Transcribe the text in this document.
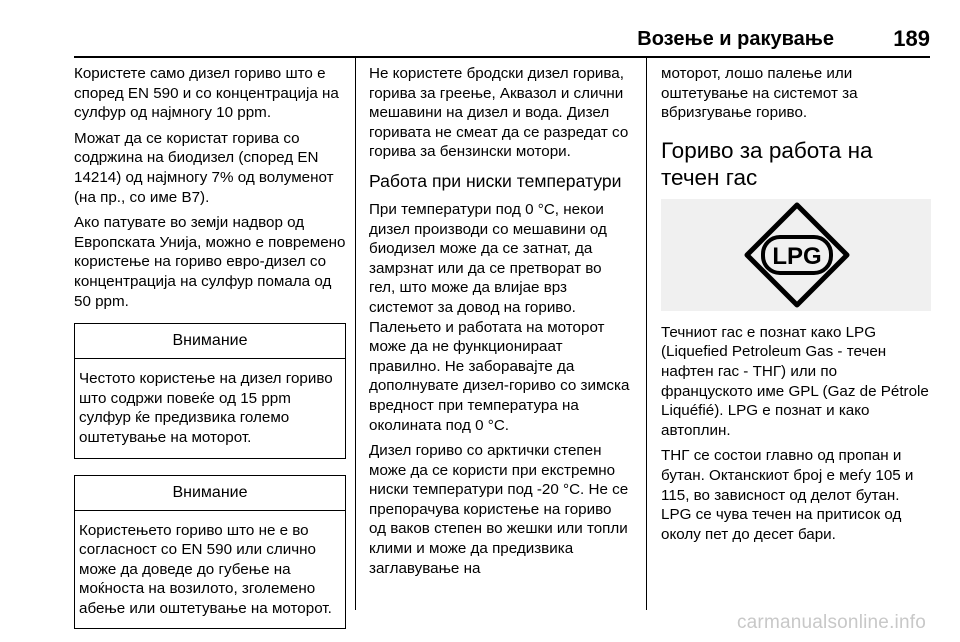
Возење и ракување	189

Користете само дизел гориво што е според EN 590 и со концентрација на сулфур од најмногу 10 ppm.

Можат да се користат горива со содржина на биодизел (според EN 14214) од најмногу 7% од волуменот (на пр., со име B7).

Ако патувате во земји надвор од Европската Унија, можно е повремено користење на гориво евро-дизел со концентрација на сулфур помала од 50 ppm.

Внимание

Честото користење на дизел гориво што содржи повеќе од 15 ppm сулфур ќе предизвика големо оштетување на моторот.

Внимание

Користењето гориво што не е во согласност со EN 590 или слично може да доведе до губење на моќноста на возилото, зголемено абење или оштетување на моторот.

Не користете бродски дизел горива, горива за греење, Аквазол и слични мешавини на дизел и вода. Дизел горивата не смеат да се разредат со горива за бензински мотори.

Работа при ниски температури

При температури под 0 °C, некои дизел производи со мешавини од биодизел може да се затнат, да замрзнат или да се претворат во гел, што може да влијае врз системот за довод на гориво. Палењето и работата на моторот може да не функционираат правилно. Не заборавајте да дополнувате дизел-гориво со зимска вредност при температура на околината под 0 °C.

Дизел гориво со арктички степен може да се користи при екстремно ниски температури под -20 °C. Не се препорачува користење на гориво од ваков степен во жешки или топли клими и може да предизвика заглавување на

моторот, лошо палење или оштетување на системот за вбризгување гориво.

Гориво за работа на течен гас
LPG

Течниот гас е познат како LPG (Liquefied Petroleum Gas - течен нафтен гас - ТНГ) или по француското име GPL (Gaz de Pétrole Liquéfié). LPG е познат и како автоплин.

ТНГ се состои главно од пропан и бутан. Октанскиот број е меѓу 105 и 115, во зависност од делот бутан. LPG се чува течен на притисок од околу пет до десет бари.

carmanualsonline.info
